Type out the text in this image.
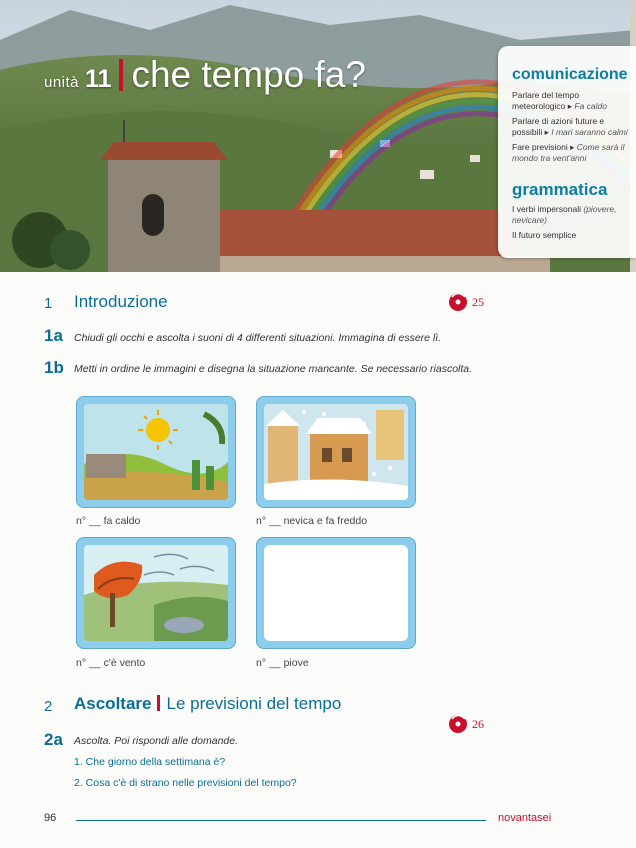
unità 11 che tempo fa?	comunicazione

Parlare del tempo meteorologico ▸ Fa caldo

Parlare di azioni future e possibili ▸ I mari saranno calmi

Fare previsioni ▸ Come sarà il mondo tra vent'anni

grammatica

I verbi impersonali (piovere, nevicare)

Il futuro semplice

1 Introduzione	25
1a Chiudi gli occhi e ascolta i suoni di 4 differenti situazioni. Immagina di essere lì.
1b Metti in ordine le immagini e disegna la situazione mancante. Se necessario riascolta.
n° __ fa caldo	n° __ nevica e fa freddo
n° __ c'è vento	n° __ piove
2 Ascoltare Le previsioni del tempo
26
2a Ascolta. Poi rispondi alle domande.
1. Che giorno della settimana è?
2. Cosa c'è di strano nelle previsioni del tempo?
96	novantasei
